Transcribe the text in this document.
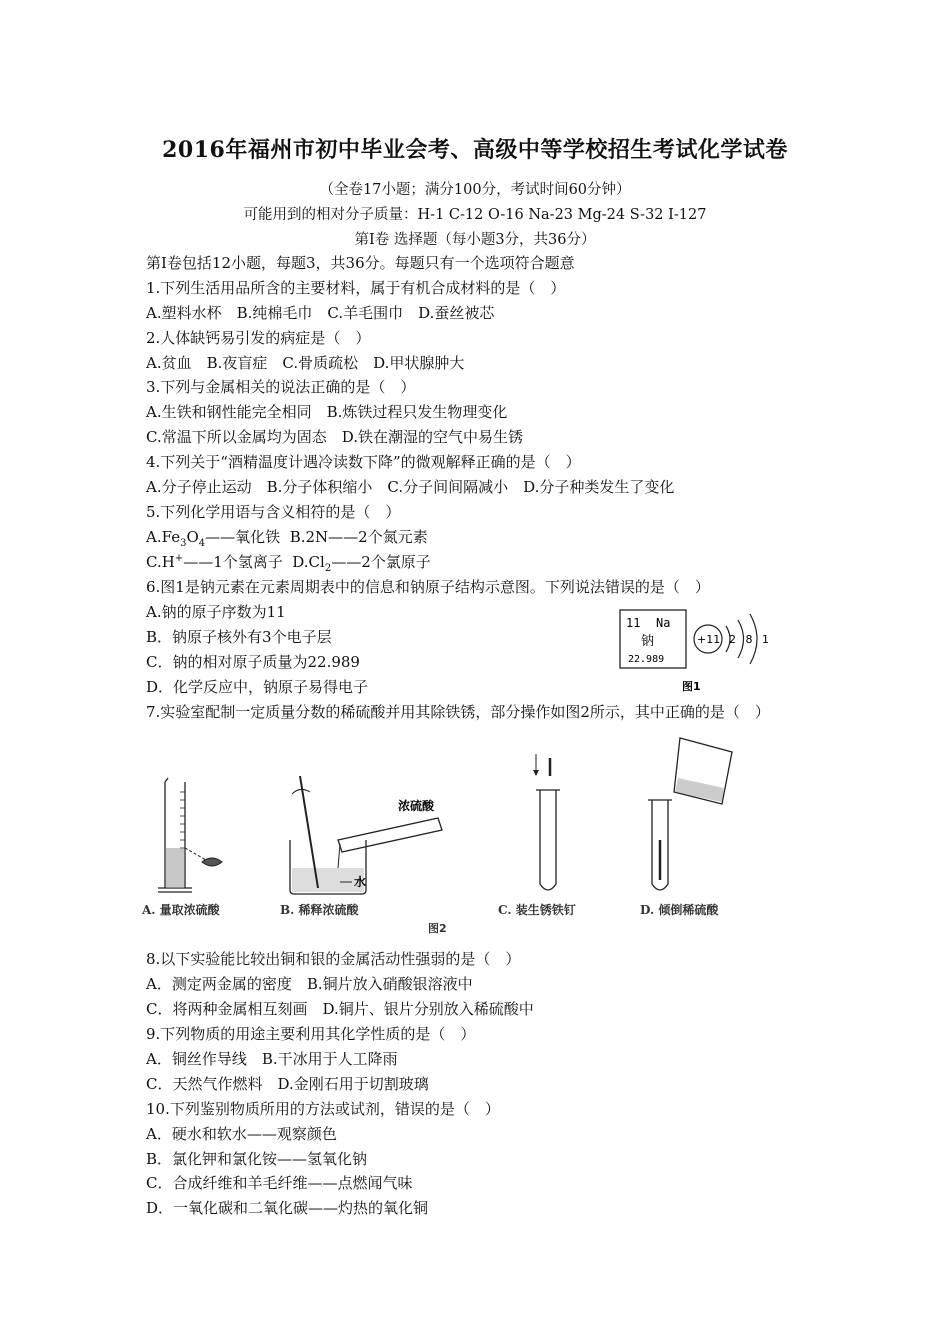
2016年福州市初中毕业会考、高级中等学校招生考试化学试卷
（全卷17小题；满分100分，考试时间60分钟）
可能用到的相对分子质量：H-1 C-12 O-16 Na-23 Mg-24 S-32 I-127
第Ⅰ卷 选择题（每小题3分，共36分）
第Ⅰ卷包括12小题，每题3，共36分。每题只有一个选项符合题意
1.下列生活用品所含的主要材料，属于有机合成材料的是（　）
A.塑料水杯　B.纯棉毛巾　C.羊毛围巾　D.蚕丝被芯
2.人体缺钙易引发的病症是（　）
A.贫血　B.夜盲症　C.骨质疏松　D.甲状腺肿大
3.下列与金属相关的说法正确的是（　）
A.生铁和钢性能完全相同　B.炼铁过程只发生物理变化
C.常温下所以金属均为固态　D.铁在潮湿的空气中易生锈
4.下列关于“酒精温度计遇冷读数下降”的微观解释正确的是（　）
A.分子停止运动　B.分子体积缩小　C.分子间间隔减小　D.分子种类发生了变化
5.下列化学用语与含义相符的是（　）
$A.Fe_3O_4——$氧化铁 B.2N——2个氮元素
C.H+——1个氢离子 $D.Cl_2——2$个氯原子
6.图1是钠元素在元素周期表中的信息和钠原子结构示意图。下列说法错误的是（　）
A.钠的原子序数为11
B．钠原子核外有3个电子层
C．钠的相对原子质量为22.989
D．化学反应中，钠原子易得电子
11 Na
钠
22.989
+11 2 8 1
图1
7.实验室配制一定质量分数的稀硫酸并用其除铁锈，部分操作如图2所示，其中正确的是（　）
A. 量取浓硫酸
浓硫酸
水
B. 稀释浓硫酸	C. 装生锈铁钉	D. 倾倒稀硫酸
图2
8.以下实验能比较出铜和银的金属活动性强弱的是（　）
A．测定两金属的密度　B.铜片放入硝酸银溶液中
C．将两种金属相互刻画　D.铜片、银片分别放入稀硫酸中
9.下列物质的用途主要利用其化学性质的是（　）
A．铜丝作导线　B.干冰用于人工降雨
C．天然气作燃料　D.金刚石用于切割玻璃
10.下列鉴别物质所用的方法或试剂，错误的是（　）
A．硬水和软水——观察颜色
B．氯化钾和氯化铵——氢氧化钠
C．合成纤维和羊毛纤维——点燃闻气味
D．一氧化碳和二氧化碳——灼热的氧化铜
